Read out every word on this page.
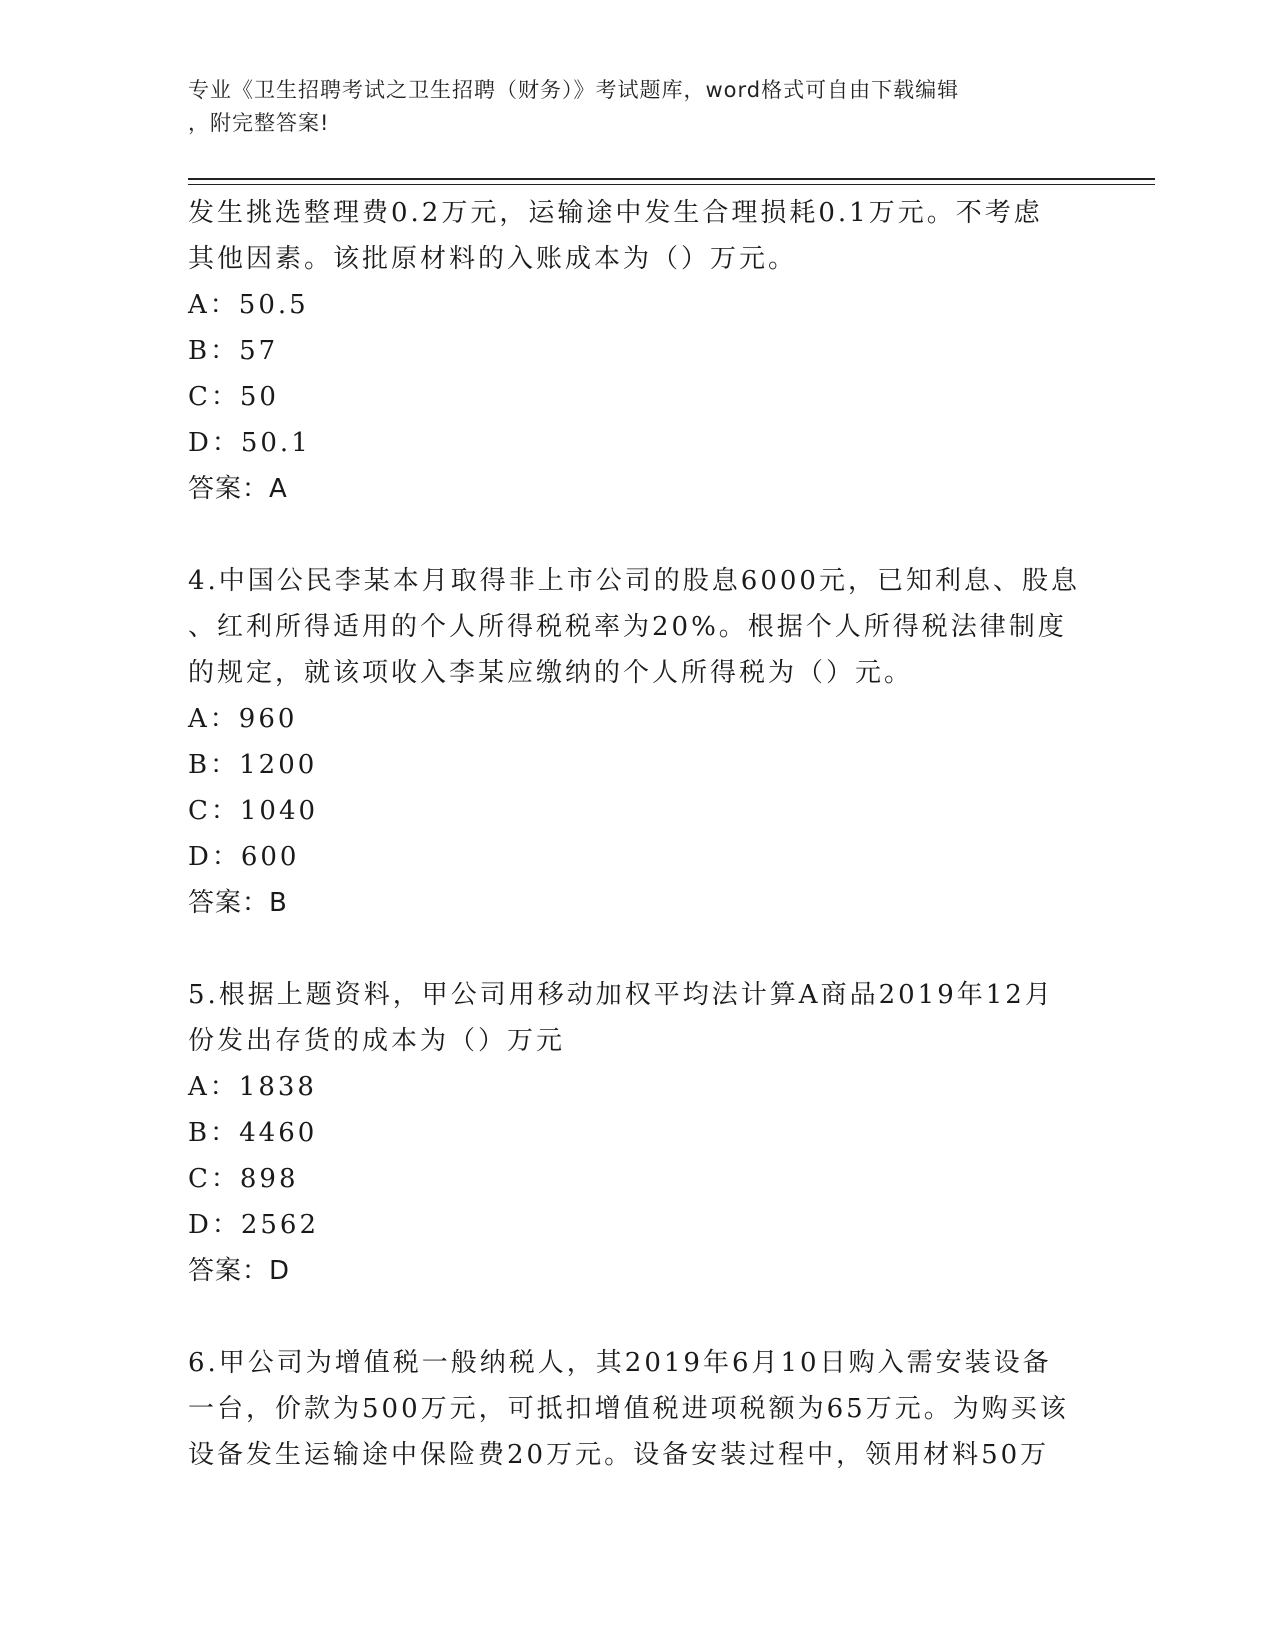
专业《卫生招聘考试之卫生招聘（财务）》考试题库，word格式可自由下载编辑
，附完整答案!
发生挑选整理费0.2万元，运输途中发生合理损耗0.1万元。不考虑
其他因素。该批原材料的入账成本为（）万元。
A：50.5
B：57
C：50
D：50.1
答案：A
4.中国公民李某本月取得非上市公司的股息6000元，已知利息、股息
、红利所得适用的个人所得税税率为20%。根据个人所得税法律制度
的规定，就该项收入李某应缴纳的个人所得税为（）元。
A：960
B：1200
C：1040
D：600
答案：B
5.根据上题资料，甲公司用移动加权平均法计算A商品2019年12月
份发出存货的成本为（）万元
A：1838
B：4460
C：898
D：2562
答案：D
6.甲公司为增值税一般纳税人，其2019年6月10日购入需安装设备
一台，价款为500万元，可抵扣增值税进项税额为65万元。为购买该
设备发生运输途中保险费20万元。设备安装过程中，领用材料50万
